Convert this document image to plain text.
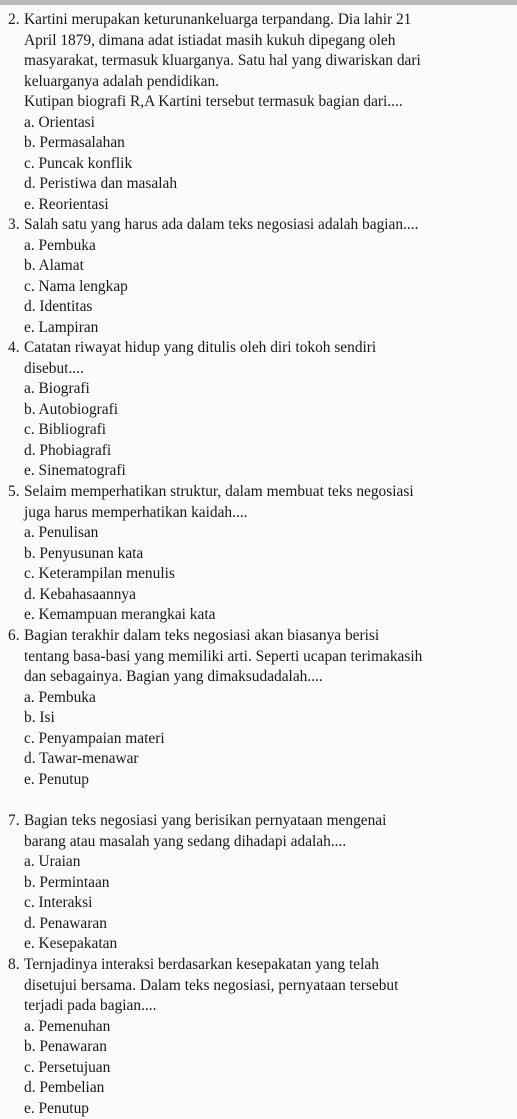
2. Kartini merupakan keturunankeluarga terpandang. Dia lahir 21
April 1879, dimana adat istiadat masih kukuh dipegang oleh
masyarakat, termasuk kluarganya. Satu hal yang diwariskan dari
keluarganya adalah pendidikan.
Kutipan biografi R,A Kartini tersebut termasuk bagian dari....
a. Orientasi
b. Permasalahan
c. Puncak konflik
d. Peristiwa dan masalah
e. Reorientasi
3. Salah satu yang harus ada dalam teks negosiasi adalah bagian....
a. Pembuka
b. Alamat
c. Nama lengkap
d. Identitas
e. Lampiran
4. Catatan riwayat hidup yang ditulis oleh diri tokoh sendiri
disebut....
a. Biografi
b. Autobiografi
c. Bibliografi
d. Phobiagrafi
e. Sinematografi
5. Selaim memperhatikan struktur, dalam membuat teks negosiasi
juga harus memperhatikan kaidah....
a. Penulisan
b. Penyusunan kata
c. Keterampilan menulis
d. Kebahasaannya
e. Kemampuan merangkai kata
6. Bagian terakhir dalam teks negosiasi akan biasanya berisi
tentang basa-basi yang memiliki arti. Seperti ucapan terimakasih
dan sebagainya. Bagian yang dimaksudadalah....
a. Pembuka
b. Isi
c. Penyampaian materi
d. Tawar-menawar
e. Penutup
7. Bagian teks negosiasi yang berisikan pernyataan mengenai
barang atau masalah yang sedang dihadapi adalah....
a. Uraian
b. Permintaan
c. Interaksi
d. Penawaran
e. Kesepakatan
8. Ternjadinya interaksi berdasarkan kesepakatan yang telah
disetujui bersama. Dalam teks negosiasi, pernyataan tersebut
terjadi pada bagian....
a. Pemenuhan
b. Penawaran
c. Persetujuan
d. Pembelian
e. Penutup
